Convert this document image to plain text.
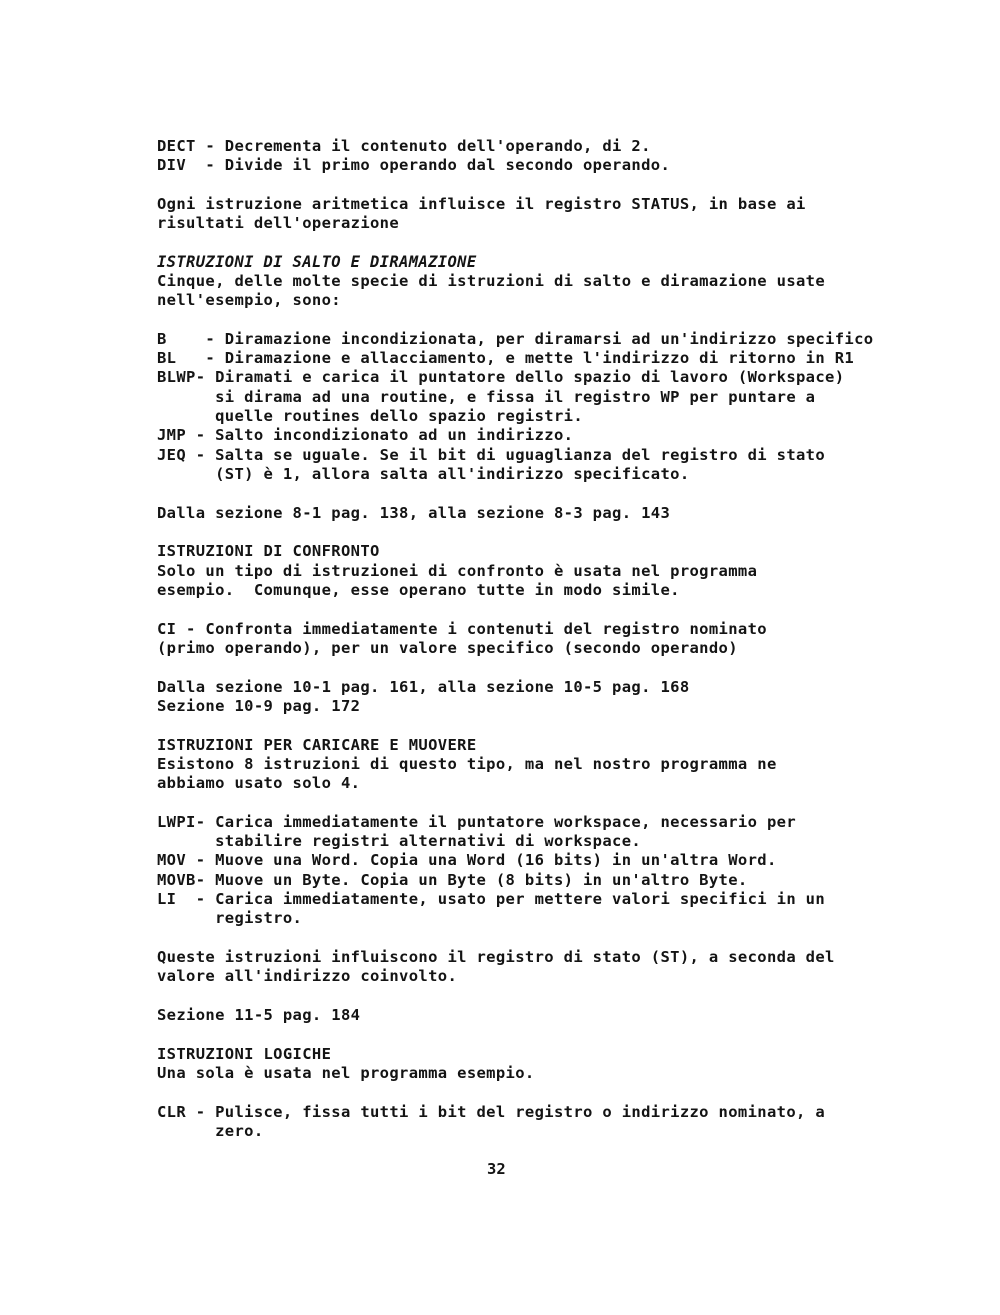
DECT - Decrementa il contenuto dell'operando, di 2.

DIV  - Divide il primo operando dal secondo operando.

Ogni istruzione aritmetica influisce il registro STATUS, in base ai

risultati dell'operazione

ISTRUZIONI DI SALTO E DIRAMAZIONE

Cinque, delle molte specie di istruzioni di salto e diramazione usate

nell'esempio, sono:

B    - Diramazione incondizionata, per diramarsi ad un'indirizzo specifico

BL   - Diramazione e allacciamento, e mette l'indirizzo di ritorno in R1

BLWP- Diramati e carica il puntatore dello spazio di lavoro (Workspace)

si dirama ad una routine, e fissa il registro WP per puntare a

quelle routines dello spazio registri.

JMP - Salto incondizionato ad un indirizzo.

JEQ - Salta se uguale. Se il bit di uguaglianza del registro di stato

(ST) è 1, allora salta all'indirizzo specificato.

Dalla sezione 8-1 pag. 138, alla sezione 8-3 pag. 143

ISTRUZIONI DI CONFRONTO

Solo un tipo di istruzionei di confronto è usata nel programma

esempio.  Comunque, esse operano tutte in modo simile.

CI - Confronta immediatamente i contenuti del registro nominato

(primo operando), per un valore specifico (secondo operando)

Dalla sezione 10-1 pag. 161, alla sezione 10-5 pag. 168

Sezione 10-9 pag. 172

ISTRUZIONI PER CARICARE E MUOVERE

Esistono 8 istruzioni di questo tipo, ma nel nostro programma ne

abbiamo usato solo 4.

LWPI- Carica immediatamente il puntatore workspace, necessario per

stabilire registri alternativi di workspace.

MOV - Muove una Word. Copia una Word (16 bits) in un'altra Word.

MOVB- Muove un Byte. Copia un Byte (8 bits) in un'altro Byte.

LI  - Carica immediatamente, usato per mettere valori specifici in un

registro.

Queste istruzioni influiscono il registro di stato (ST), a seconda del

valore all'indirizzo coinvolto.

Sezione 11-5 pag. 184

ISTRUZIONI LOGICHE

Una sola è usata nel programma esempio.

CLR - Pulisce, fissa tutti i bit del registro o indirizzo nominato, a

zero.

32
